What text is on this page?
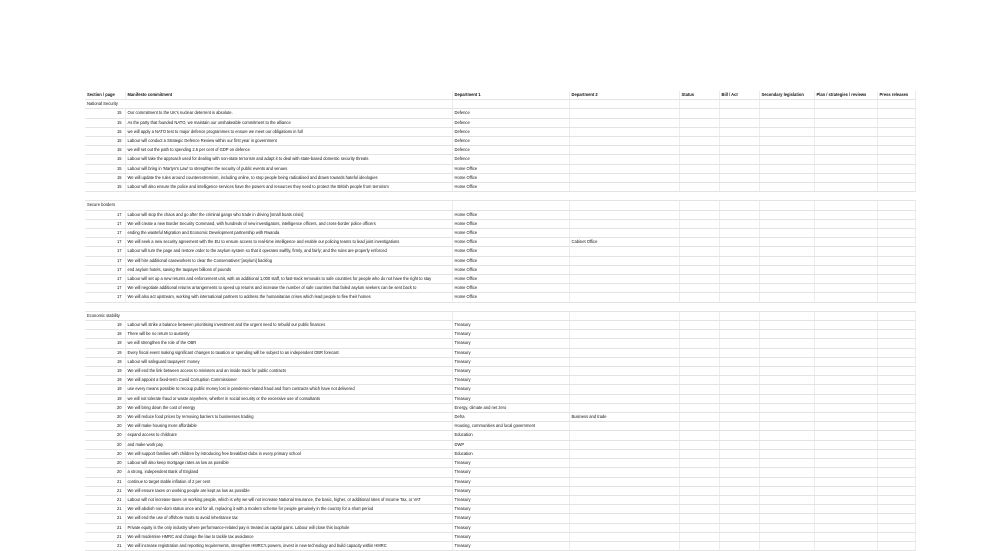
Section / page	Manifesto commitment	Department 1	Department 2	Status	Bill / Act	Secondary legislation	Plan / strategies / reviews	Press releases
National Security								
15	Our commitment to the UK's nuclear deterrent is absolute.	Defence						
15	As the party that founded NATO, we maintain our unshakeable commitment to the alliance	Defence						
15	we will apply a NATO test to major defence programmes to ensure we meet our obligations in full	Defence						
15	Labour will conduct a Strategic Defence Review within our first year in government	Defence						
15	we will set out the path to spending 2.5 per cent of GDP on defence	Defence						
15	Labour will take the approach used for dealing with non-state terrorism and adapt it to deal with state-based domestic security threats	Defence						
15	Labour will bring in 'Martyn's Law' to strengthen the security of public events and venues	Home Office						
15	We will update the rules around counterextremism, including online, to stop people being radicalised and drawn towards hateful ideologies	Home Office						
15	Labour will also ensure the police and intelligence services have the powers and resources they need to protect the British people from terrorism	Home Office						

Secure borders								
17	Labour will stop the chaos and go after the criminal gangs who trade in driving [small boats crisis]	Home Office						
17	We will create a new Border Security Command, with hundreds of new investigators, intelligence officers, and cross-border police officers	Home Office						
17	ending the wasteful Migration and Economic Development partnership with Rwanda	Home Office						
17	We will seek a new security agreement with the EU to ensure access to real-time intelligence and enable our policing teams to lead joint investigations	Home Office	Cabinet Office					
17	Labour will turn the page and restore order to the asylum system so that it operates swiftly, firmly, and fairly; and the rules are properly enforced	Home Office						
17	We will hire additional caseworkers to clear the Conservatives' [asylum] backlog	Home Office						
17	end asylum hotels, saving the taxpayer billions of pounds	Home Office						
17	Labour will set up a new returns and enforcement unit, with an additional 1,000 staff, to fast-track removals to safe countries for people who do not have the right to stay	Home Office						
17	We will negotiate additional returns arrangements to speed up returns and increase the number of safe countries that failed asylum seekers can be sent back to	Home Office						
17	We will also act upstream, working with international partners to address the humanitarian crises which lead people to flee their homes	Home Office						

Economic stability								
19	Labour will strike a balance between prioritising investment and the urgent need to rebuild our public finances	Treasury						
19	There will be no return to austerity	Treasury						
19	we will strengthen the role of the OBR	Treasury						
19	Every fiscal event making significant changes to taxation or spending will be subject to an independent OBR forecast	Treasury						
19	Labour will safeguard taxpayers' money	Treasury						
19	We will end the link between access to ministers and an inside track for public contracts	Treasury						
19	We will appoint a fixed-term Covid Corruption Commissioner	Treasury						
19	use every means possible to recoup public money lost in pandemic-related fraud and from contracts which have not delivered	Treasury						
19	we will not tolerate fraud or waste anywhere, whether in social security or the excessive use of consultants	Treasury						
20	We will bring down the cost of energy	Energy, climate and net zero						
20	We will reduce food prices by removing barriers to businesses trading	Defra	Business and trade					
20	We will make housing more affordable	Housing, communities and local government						
20	expand access to childcare	Education						
20	and make work pay	DWP						
20	We will support families with children by introducing free breakfast clubs in every primary school	Education						
20	Labour will also keep mortgage rates as low as possible	Treasury						
20	a strong, independent Bank of England	Treasury						
21	continue to target stable inflation of 2 per cent	Treasury						
21	We will ensure taxes on working people are kept as low as possible	Treasury						
21	Labour will not increase taxes on working people, which is why we will not increase National Insurance, the basic, higher, or additional rates of Income Tax, or VAT	Treasury						
21	We will abolish non-dom status once and for all, replacing it with a modern scheme for people genuinely in the country for a short period	Treasury						
21	We will end the use of offshore trusts to avoid inheritance tax	Treasury						
21	Private equity is the only industry where performance-related pay is treated as capital gains. Labour will close this loophole	Treasury						
21	We will modernise HMRC and change the law to tackle tax avoidance	Treasury						
21	We will increase registration and reporting requirements, strengthen HMRC's powers, invest in new technology and build capacity within HMRC	Treasury						
